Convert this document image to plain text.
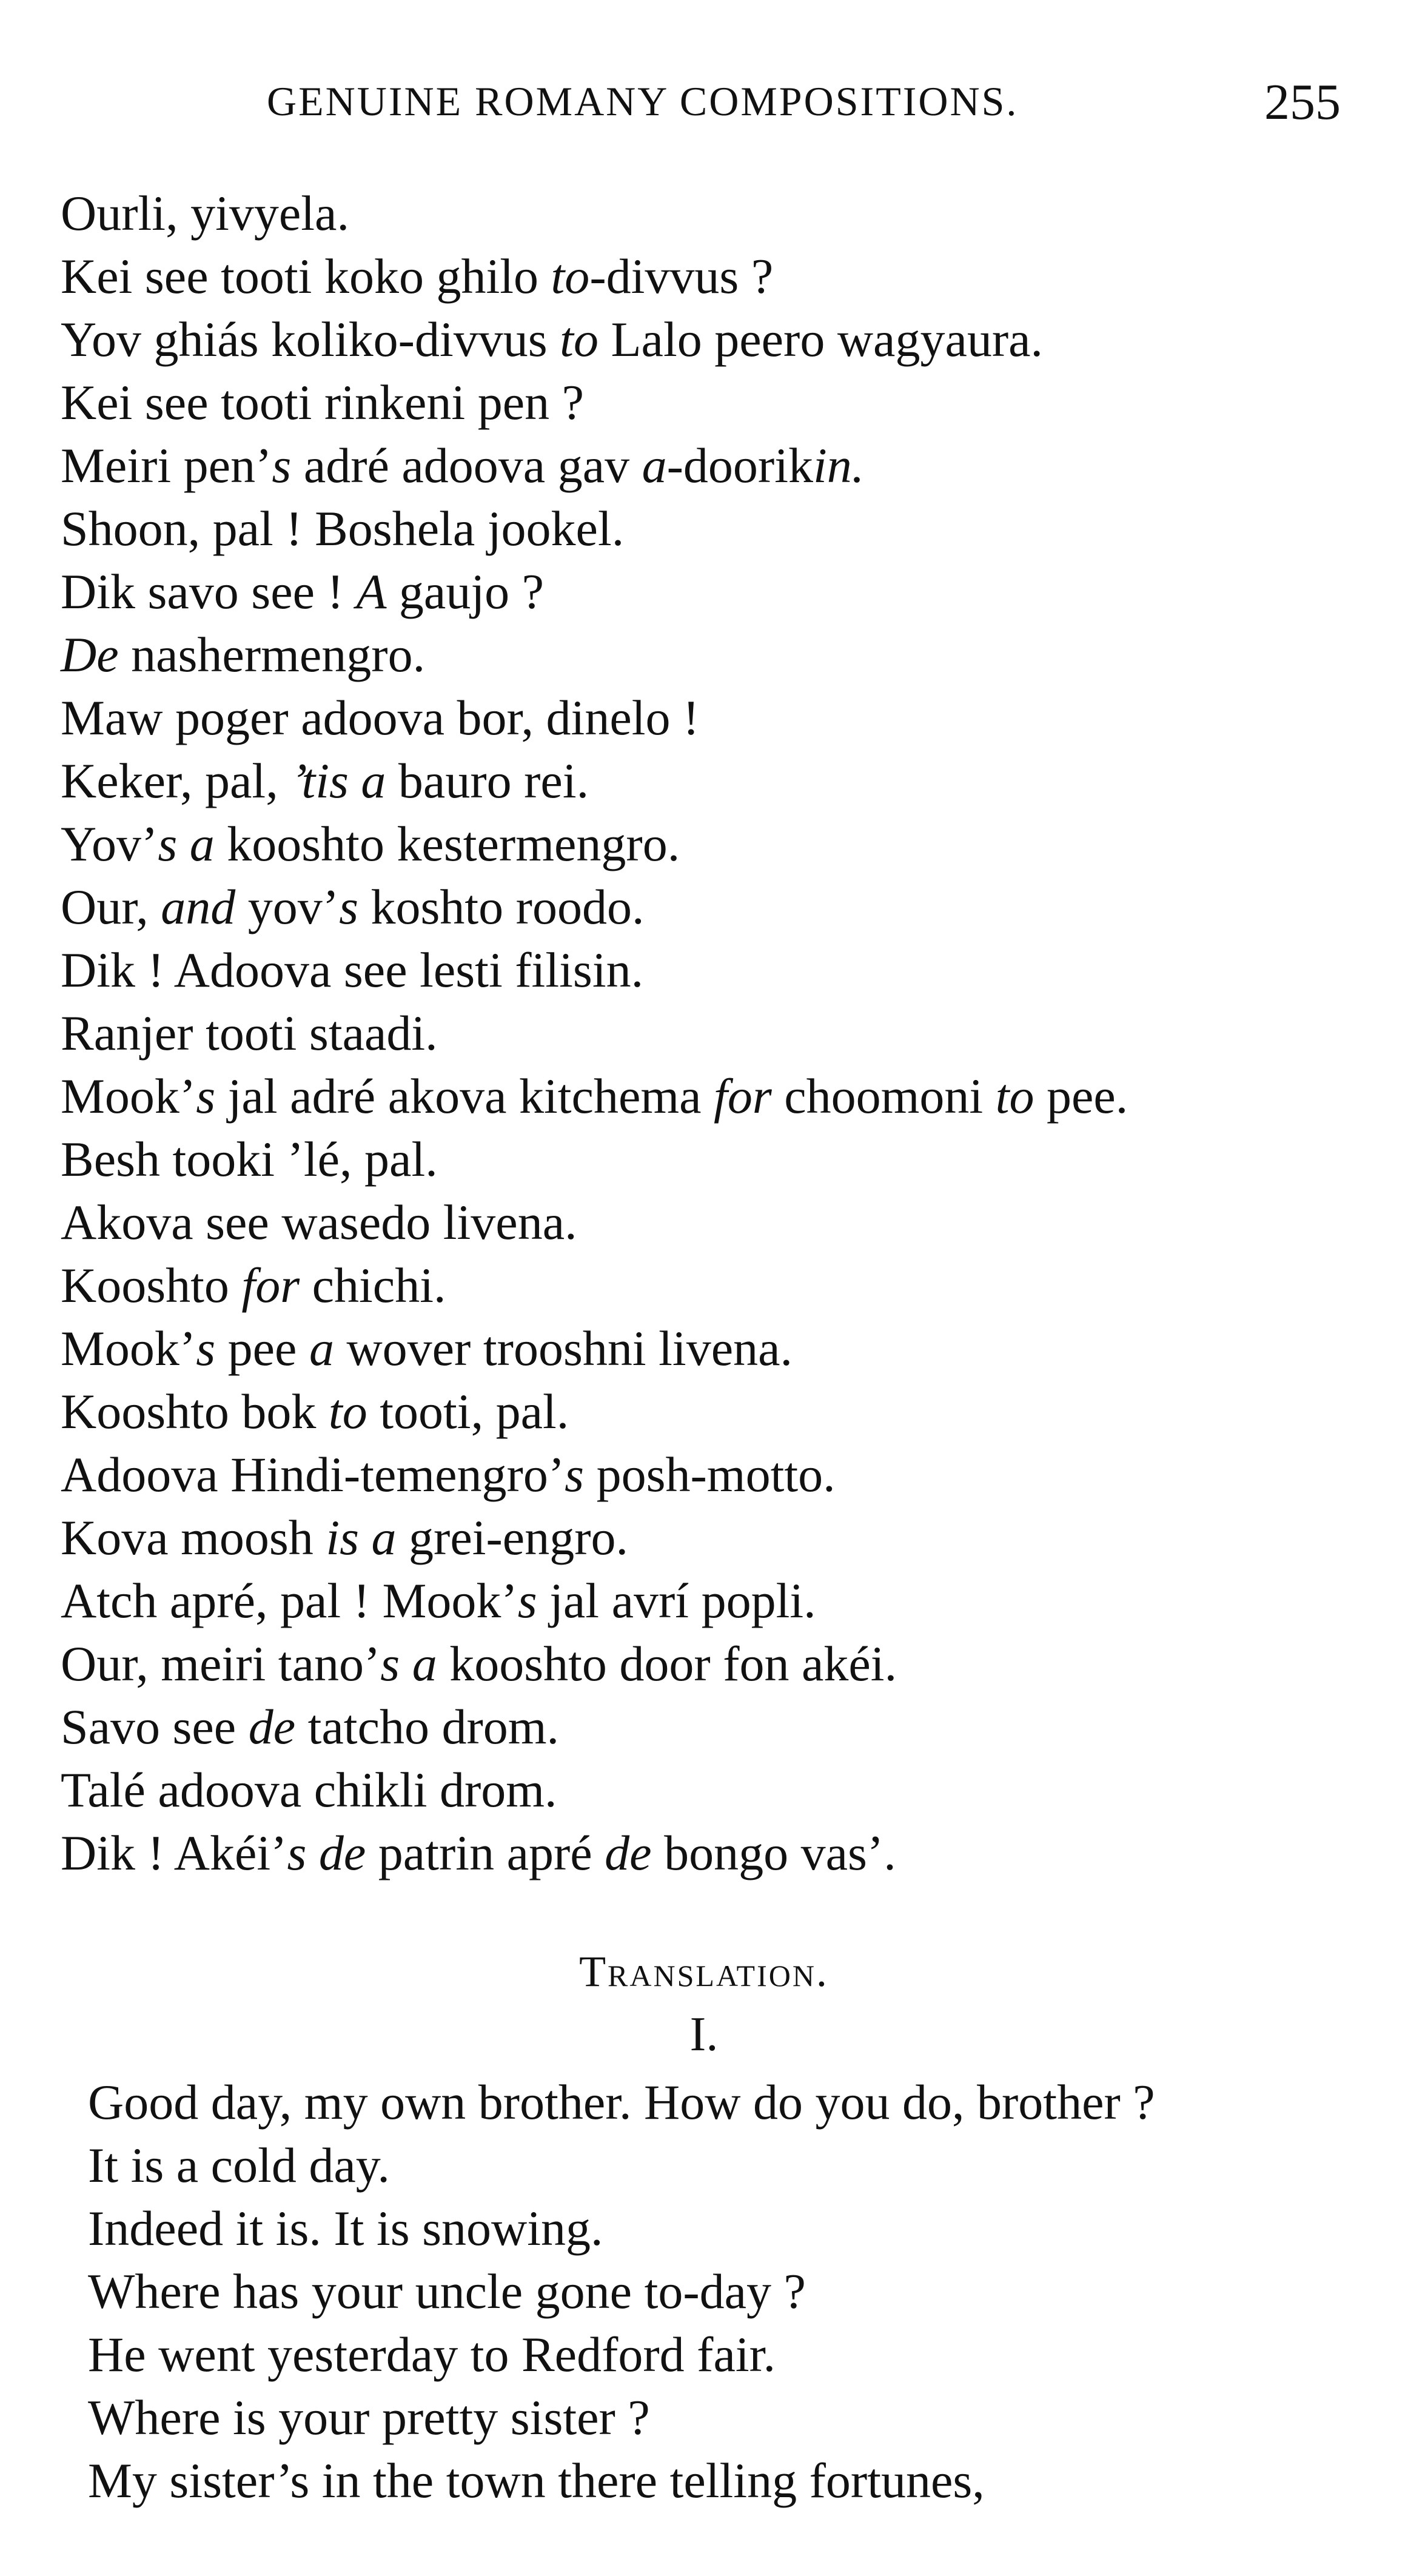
GENUINE ROMANY COMPOSITIONS.	255
Ourli, yivyela.
Kei see tooti koko ghilo to-divvus ?
Yov ghiás koliko-divvus to Lalo peero wagyaura.
Kei see tooti rinkeni pen ?
Meiri pen’s adré adoova gav a-doorikin.
Shoon, pal ! Boshela jookel.
Dik savo see ! A gaujo ?
De nashermengro.
Maw poger adoova bor, dinelo !
Keker, pal, ’tis a bauro rei.
Yov’s a kooshto kestermengro.
Our, and yov’s koshto roodo.
Dik ! Adoova see lesti filisin.
Ranjer tooti staadi.
Mook’s jal adré akova kitchema for choomoni to pee.
Besh tooki ’lé, pal.
Akova see wasedo livena.
Kooshto for chichi.
Mook’s pee a wover trooshni livena.
Kooshto bok to tooti, pal.
Adoova Hindi-temengro’s posh-motto.
Kova moosh is a grei-engro.
Atch apré, pal ! Mook’s jal avrí popli.
Our, meiri tano’s a kooshto door fon akéi.
Savo see de tatcho drom.
Talé adoova chikli drom.
Dik ! Akéi’s de patrin apré de bongo vas’.
Translation.
I.
Good day, my own brother. How do you do, brother ?
It is a cold day.
Indeed it is. It is snowing.
Where has your uncle gone to-day ?
He went yesterday to Redford fair.
Where is your pretty sister ?
My sister’s in the town there telling fortunes,
